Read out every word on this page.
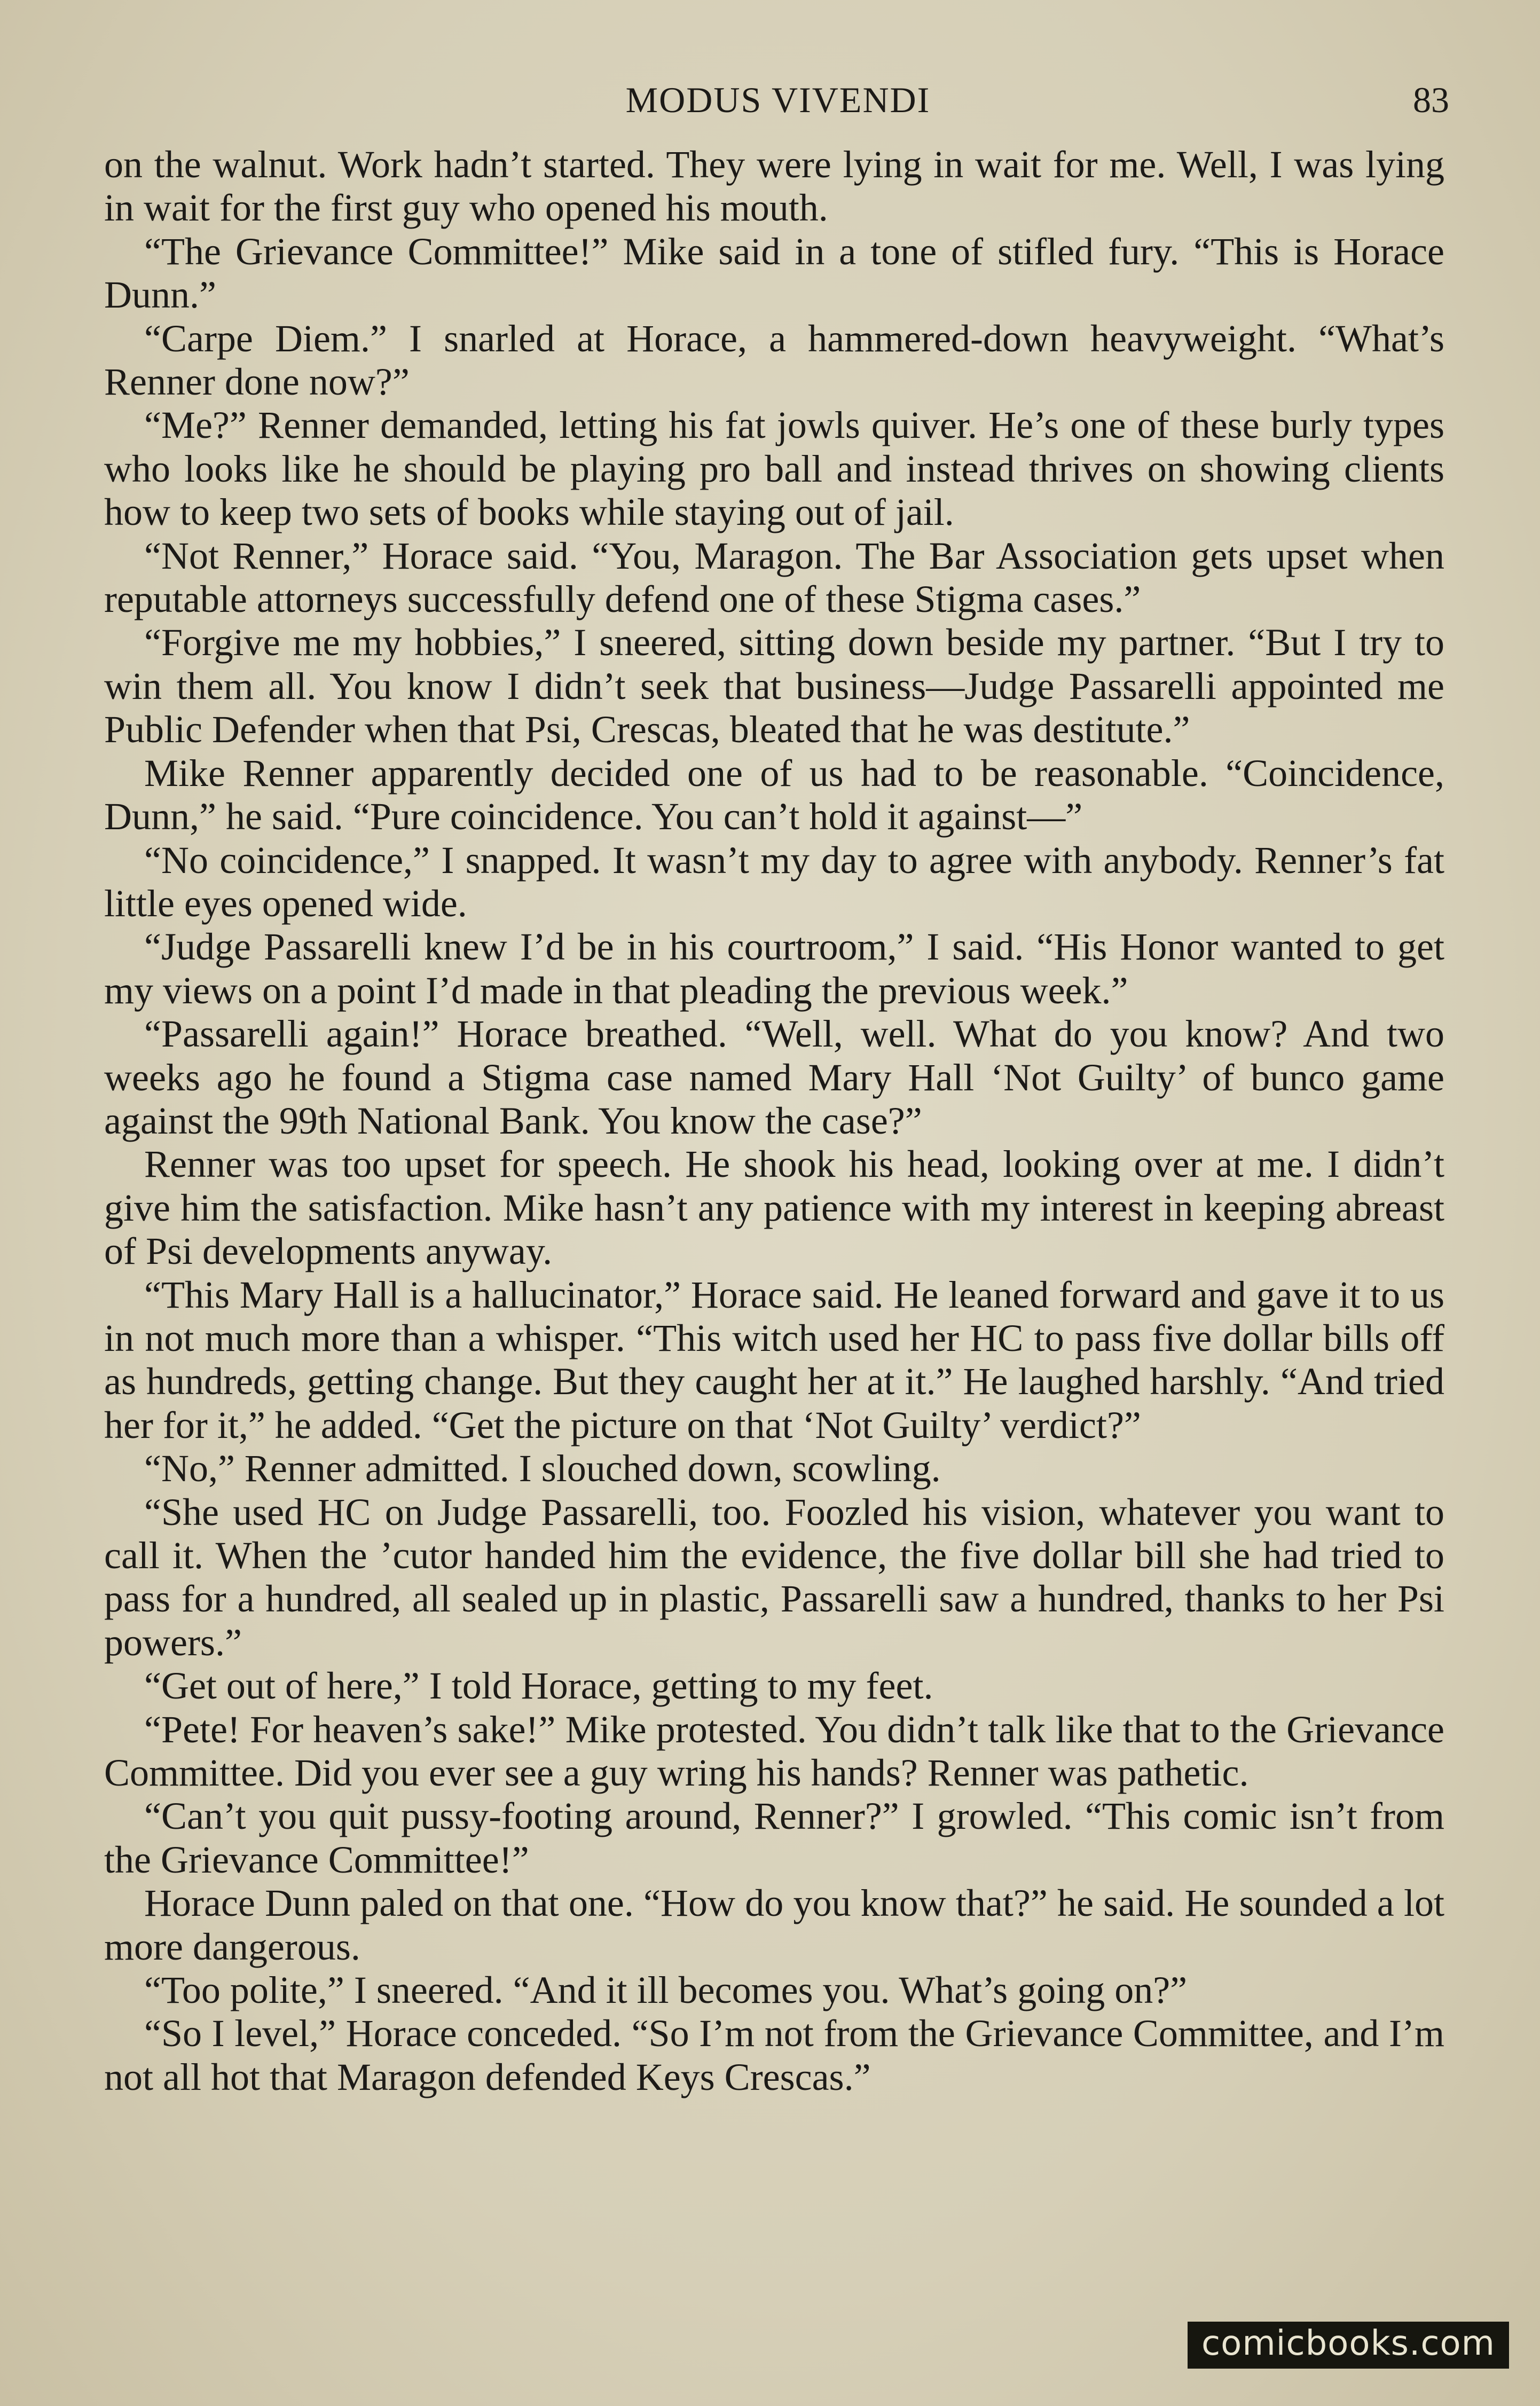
MODUS VIVENDI	83

on the walnut. Work hadn’t started. They were lying in wait for me. Well, I was lying in wait for the first guy who opened his mouth.

“The Grievance Committee!” Mike said in a tone of stifled fury. “This is Horace Dunn.”

“Carpe Diem.” I snarled at Horace, a hammered-down heavyweight. “What’s Renner done now?”

“Me?” Renner demanded, letting his fat jowls quiver. He’s one of these burly types who looks like he should be playing pro ball and instead thrives on showing clients how to keep two sets of books while staying out of jail.

“Not Renner,” Horace said. “You, Maragon. The Bar Association gets upset when reputable attorneys successfully defend one of these Stigma cases.”

“Forgive me my hobbies,” I sneered, sitting down beside my partner. “But I try to win them all. You know I didn’t seek that business—Judge Passarelli appointed me Public Defender when that Psi, Crescas, bleated that he was destitute.”

Mike Renner apparently decided one of us had to be reasonable. “Coincidence, Dunn,” he said. “Pure coincidence. You can’t hold it against—”

“No coincidence,” I snapped. It wasn’t my day to agree with anybody. Renner’s fat little eyes opened wide.

“Judge Passarelli knew I’d be in his courtroom,” I said. “His Honor wanted to get my views on a point I’d made in that pleading the previous week.”

“Passarelli again!” Horace breathed. “Well, well. What do you know? And two weeks ago he found a Stigma case named Mary Hall ‘Not Guilty’ of bunco game against the 99th National Bank. You know the case?”

Renner was too upset for speech. He shook his head, looking over at me. I didn’t give him the satisfaction. Mike hasn’t any patience with my interest in keeping abreast of Psi developments anyway.

“This Mary Hall is a hallucinator,” Horace said. He leaned forward and gave it to us in not much more than a whisper. “This witch used her HC to pass five dollar bills off as hundreds, getting change. But they caught her at it.” He laughed harshly. “And tried her for it,” he added. “Get the picture on that ‘Not Guilty’ verdict?”

“No,” Renner admitted. I slouched down, scowling.

“She used HC on Judge Passarelli, too. Foozled his vision, whatever you want to call it. When the ’cutor handed him the evidence, the five dollar bill she had tried to pass for a hundred, all sealed up in plastic, Passarelli saw a hundred, thanks to her Psi powers.”

“Get out of here,” I told Horace, getting to my feet.

“Pete! For heaven’s sake!” Mike protested. You didn’t talk like that to the Grievance Committee. Did you ever see a guy wring his hands? Renner was pathetic.

“Can’t you quit pussy-footing around, Renner?” I growled. “This comic isn’t from the Grievance Committee!”

Horace Dunn paled on that one. “How do you know that?” he said. He sounded a lot more dangerous.

“Too polite,” I sneered. “And it ill becomes you. What’s going on?”

“So I level,” Horace conceded. “So I’m not from the Grievance Committee, and I’m not all hot that Maragon defended Keys Crescas.”

comicbooks.com
